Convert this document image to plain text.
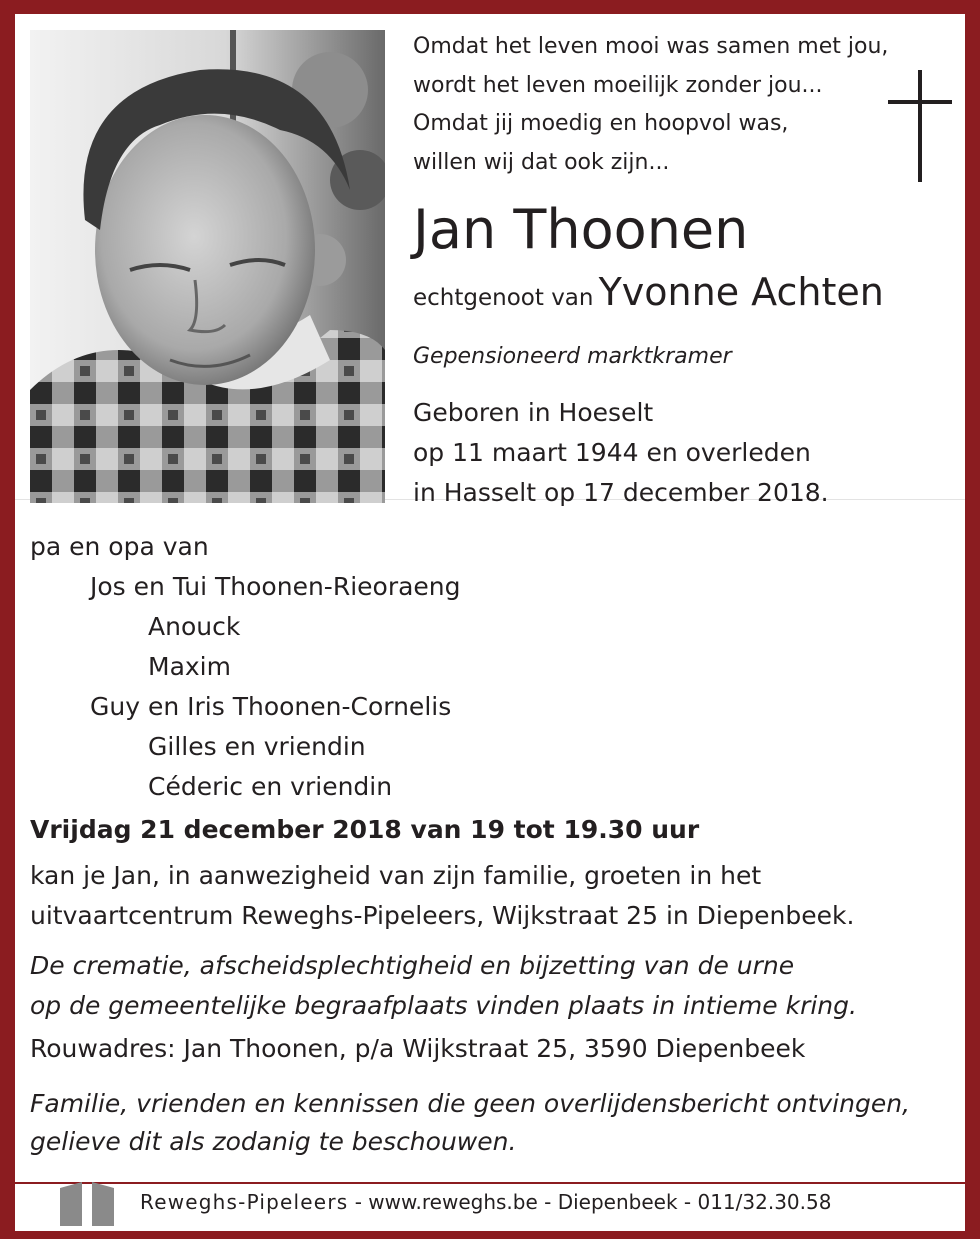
Omdat het leven mooi was samen met jou,
wordt het leven moeilijk zonder jou...
Omdat jij moedig en hoopvol was,
willen wij dat ook zijn...
Jan Thoonen
echtgenoot van Yvonne Achten
Gepensioneerd marktkramer
Geboren in Hoeselt
op 11 maart 1944 en overleden
in Hasselt op 17 december 2018.
pa en opa van
Jos en Tui Thoonen-Rieoraeng
Anouck
Maxim
Guy en Iris Thoonen-Cornelis
Gilles en vriendin
Céderic en vriendin
Vrijdag 21 december 2018 van 19 tot 19.30 uur
kan je Jan, in aanwezigheid van zijn familie, groeten in het
uitvaartcentrum Reweghs-Pipeleers, Wijkstraat 25 in Diepenbeek.
De crematie, afscheidsplechtigheid en bijzetting van de urne
op de gemeentelijke begraafplaats vinden plaats in intieme kring.
Rouwadres: Jan Thoonen, p/a Wijkstraat 25, 3590 Diepenbeek
Familie, vrienden en kennissen die geen overlijdensbericht ontvingen,
gelieve dit als zodanig te beschouwen.
Reweghs-Pipeleers - www.reweghs.be - Diepenbeek - 011/32.30.58
